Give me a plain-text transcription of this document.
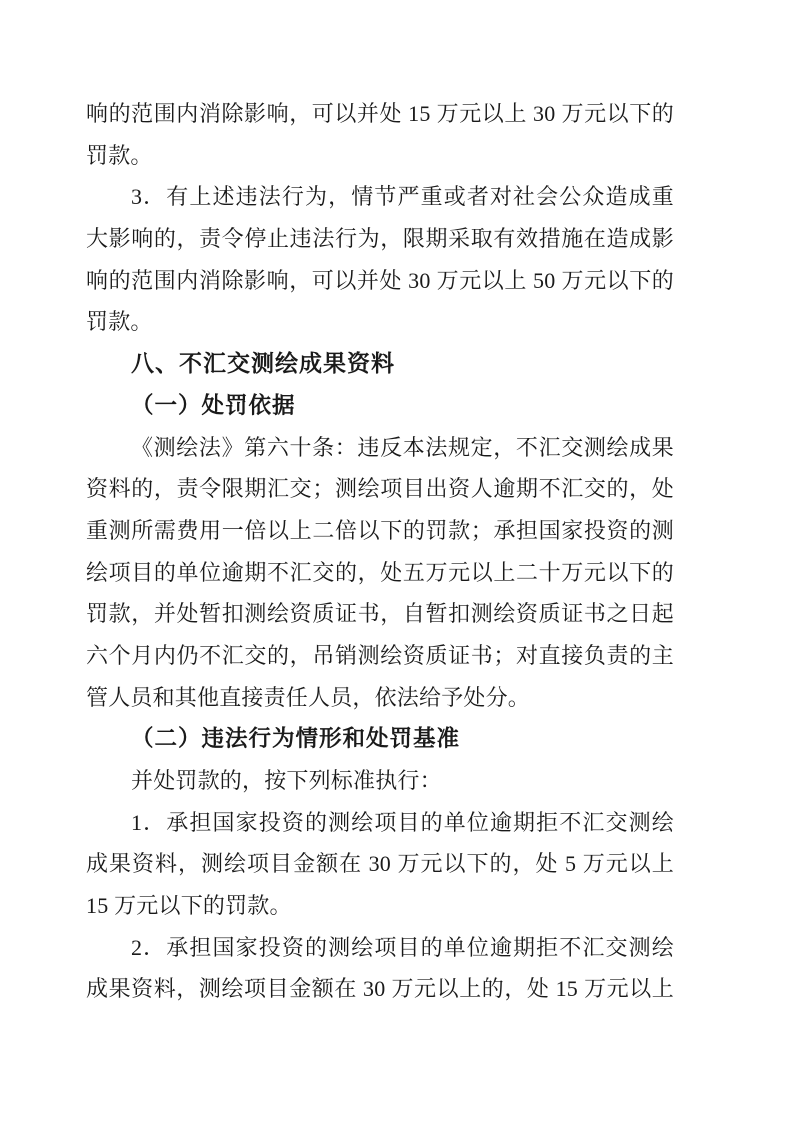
响的范围内消除影响，可以并处 15 万元以上 30 万元以下的
罚款。
3．有上述违法行为，情节严重或者对社会公众造成重
大影响的，责令停止违法行为，限期采取有效措施在造成影
响的范围内消除影响，可以并处 30 万元以上 50 万元以下的
罚款。
八、不汇交测绘成果资料
（一）处罚依据
《测绘法》第六十条：违反本法规定，不汇交测绘成果
资料的，责令限期汇交；测绘项目出资人逾期不汇交的，处
重测所需费用一倍以上二倍以下的罚款；承担国家投资的测
绘项目的单位逾期不汇交的，处五万元以上二十万元以下的
罚款，并处暂扣测绘资质证书，自暂扣测绘资质证书之日起
六个月内仍不汇交的，吊销测绘资质证书；对直接负责的主
管人员和其他直接责任人员，依法给予处分。
（二）违法行为情形和处罚基准
并处罚款的，按下列标准执行：
1．承担国家投资的测绘项目的单位逾期拒不汇交测绘
成果资料，测绘项目金额在 30 万元以下的，处 5 万元以上
15 万元以下的罚款。
2．承担国家投资的测绘项目的单位逾期拒不汇交测绘
成果资料，测绘项目金额在 30 万元以上的，处 15 万元以上
